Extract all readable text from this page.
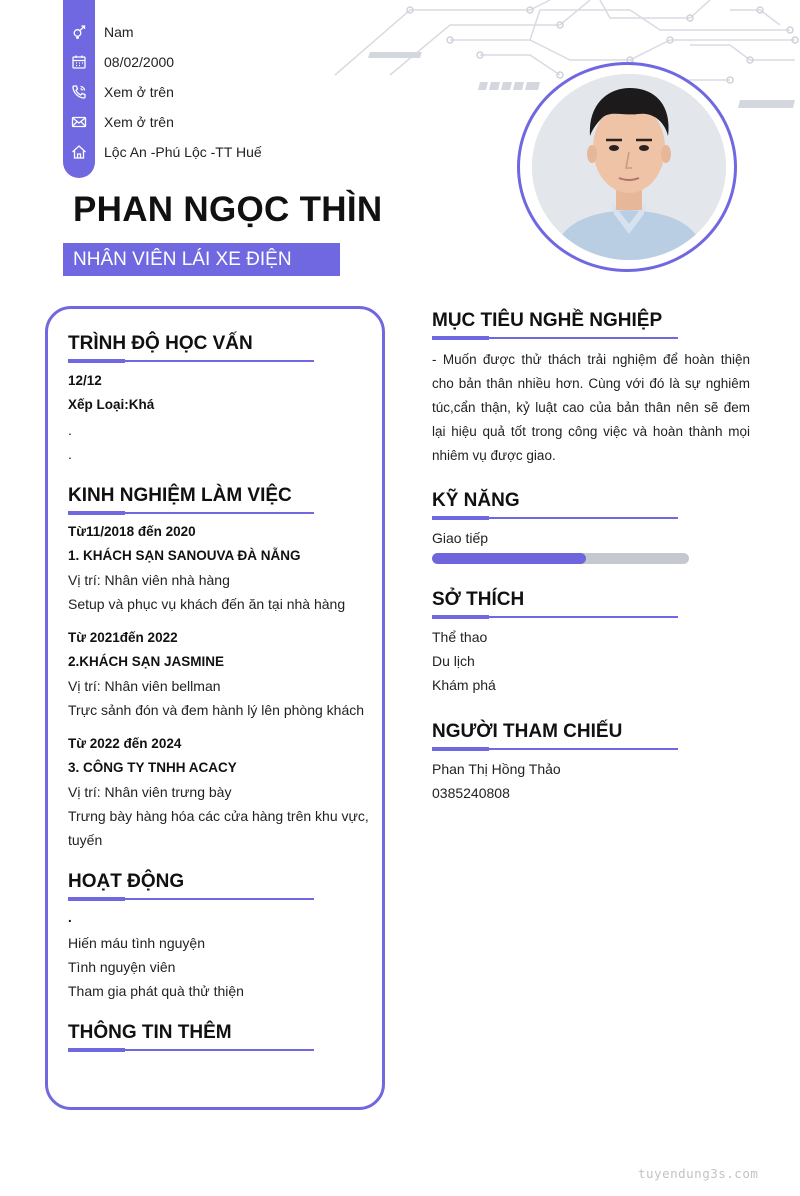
Nam
08/02/2000
Xem ở trên
Xem ở trên
Lộc An -Phú Lộc -TT Huế
PHAN NGỌC THÌN
NHÂN VIÊN LÁI XE ĐIỆN
TRÌNH ĐỘ HỌC VẤN
12/12
Xếp Loại:Khá
.
.
KINH NGHIỆM LÀM VIỆC
Từ11/2018 đến 2020
1. KHÁCH SẠN SANOUVA ĐÀ NẴNG
Vị trí: Nhân viên nhà hàng
Setup và phục vụ khách đến ăn tại nhà hàng
Từ 2021đến 2022
2.KHÁCH SẠN JASMINE
Vị trí: Nhân viên bellman
Trực sảnh đón và đem hành lý lên phòng khách
Từ 2022 đến 2024
3. CÔNG TY TNHH ACACY
Vị trí: Nhân viên trưng bày
Trưng bày hàng hóa các cửa hàng trên khu vực,
tuyến
HOẠT ĐỘNG
.
Hiến máu tình nguyện
Tình nguyện viên
Tham gia phát quà thử thiện
THÔNG TIN THÊM
MỤC TIÊU NGHỀ NGHIỆP
- Muốn được thử thách trải nghiệm để hoàn thiện cho bản thân nhiều hơn. Cùng với đó là sự nghiêm túc,cẩn thận, kỷ luật cao của bản thân nên sẽ đem lại hiệu quả tốt trong công việc và hoàn thành mọi nhiêm vụ được giao.
KỸ NĂNG
Giao tiếp
SỞ THÍCH
Thể thao
Du lịch
Khám phá
NGƯỜI THAM CHIẾU
Phan Thị Hồng Thảo
0385240808
tuyendung3s.com
